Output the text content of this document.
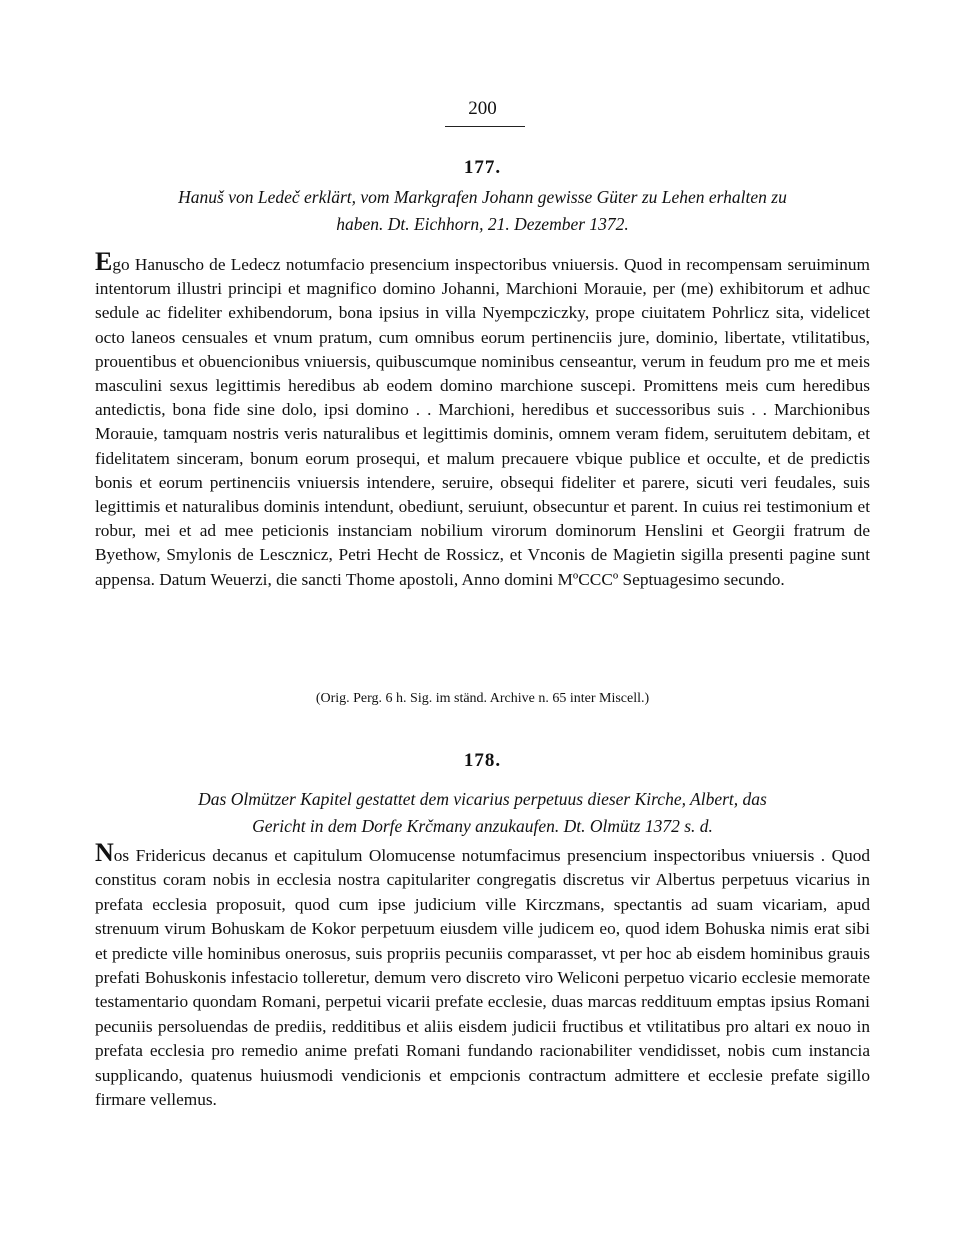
200
177.
Hanuš von Ledeč erklärt, vom Markgrafen Johann gewisse Güter zu Lehen erhalten zu
haben. Dt. Eichhorn, 21. Dezember 1372.
Ego Hanuscho de Ledecz notumfacio presencium inspectoribus vniuersis. Quod in recompensam seruiminum intentorum illustri principi et magnifico domino Johanni, Marchioni Morauie, per (me) exhibitorum et adhuc sedule ac fideliter exhibendorum, bona ipsius in villa Nyempcziczky, prope ciuitatem Pohrlicz sita, videlicet octo laneos censuales et vnum pratum, cum omnibus eorum pertinenciis jure, dominio, libertate, vtilitatibus, prouentibus et obuencionibus vniuersis, quibuscumque nominibus censeantur, verum in feudum pro me et meis masculini sexus legittimis heredibus ab eodem domino marchione suscepi. Promittens meis cum heredibus antedictis, bona fide sine dolo, ipsi domino . . Marchioni, heredibus et successoribus suis . . Marchionibus Morauie, tamquam nostris veris naturalibus et legittimis dominis, omnem veram fidem, seruitutem debitam, et fidelitatem sinceram, bonum eorum prosequi, et malum precauere vbique publice et occulte, et de predictis bonis et eorum pertinenciis vniuersis intendere, seruire, obsequi fideliter et parere, sicuti veri feudales, suis legittimis et naturalibus dominis intendunt, obediunt, seruiunt, obsecuntur et parent. In cuius rei testimonium et robur, mei et ad mee peticionis instanciam nobilium virorum dominorum Henslini et Georgii fratrum de Byethow, Smylonis de Lescznicz, Petri Hecht de Rossicz, et Vnconis de Magietin sigilla presenti pagine sunt appensa. Datum Weuerzi, die sancti Thome apostoli, Anno domini MºCCCº Septuagesimo secundo.
(Orig. Perg. 6 h. Sig. im ständ. Archive n. 65 inter Miscell.)
178.
Das Olmützer Kapitel gestattet dem vicarius perpetuus dieser Kirche, Albert, das
Gericht in dem Dorfe Krčmany anzukaufen. Dt. Olmütz 1372 s. d.
Nos Fridericus decanus et capitulum Olomucense notumfacimus presencium inspectoribus vniuersis . Quod constitus coram nobis in ecclesia nostra capitulariter congregatis discretus vir Albertus perpetuus vicarius in prefata ecclesia proposuit, quod cum ipse judicium ville Kirczmans, spectantis ad suam vicariam, apud strenuum virum Bohuskam de Kokor perpetuum eiusdem ville judicem eo, quod idem Bohuska nimis erat sibi et predicte ville hominibus onerosus, suis propriis pecuniis comparasset, vt per hoc ab eisdem hominibus grauis prefati Bohuskonis infestacio tolleretur, demum vero discreto viro Weliconi perpetuo vicario ecclesie memorate testamentario quondam Romani, perpetui vicarii prefate ecclesie, duas marcas reddituum emptas ipsius Romani pecuniis persoluendas de prediis, redditibus et aliis eisdem judicii fructibus et vtilitatibus pro altari ex nouo in prefata ecclesia pro remedio anime prefati Romani fundando racionabiliter vendidisset, nobis cum instancia supplicando, quatenus huiusmodi vendicionis et empcionis contractum admittere et ecclesie prefate sigillo firmare vellemus.
